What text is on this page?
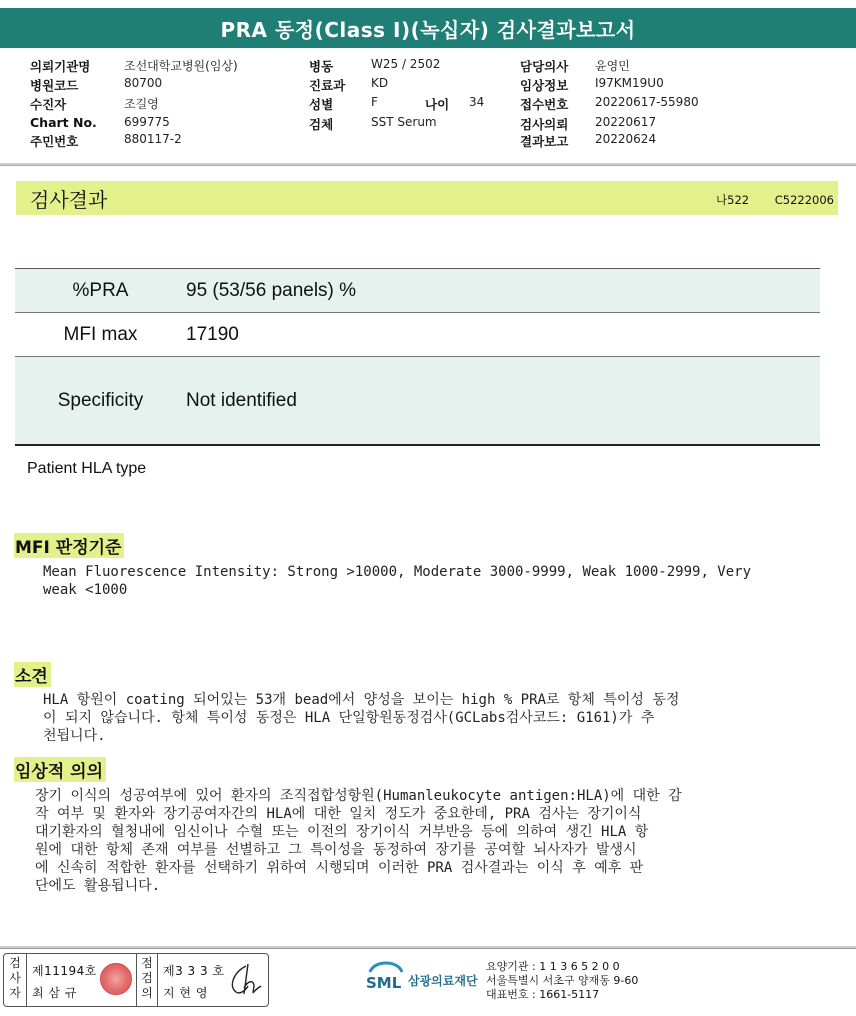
PRA 동정(Class I)(녹십자) 검사결과보고서
의뢰기관명	조선대학교병원(임상)
병원코드	80700
수진자	조길영
Chart No. 699775
주민번호	880117-2
병동	W25 / 2502
진료과 KD
성별	F	나이 34
검체	SST Serum
담당의사 윤영민
임상정보 I97KM19U0
접수번호 20220617-55980
검사의뢰 20220617
결과보고 20220624
검사결과	나522 C5222006
%PRA	95 (53/56 panels) %
MFI max	17190
Specificity	Not identified
Patient HLA type
MFI 판정기준
Mean Fluorescence Intensity: Strong >10000, Moderate 3000-9999, Weak 1000-2999, Very
weak <1000
소견
HLA 항원이 coating 되어있는 53개 bead에서 양성을 보이는 high % PRA로 항체 특이성 동정
이 되지 않습니다. 항체 특이성 동정은 HLA 단일항원동정검사(GCLabs검사코드: G161)가 추
천됩니다.
임상적 의의
장기 이식의 성공여부에 있어 환자의 조직접합성항원(Humanleukocyte antigen:HLA)에 대한 감
작 여부 및 환자와 장기공여자간의 HLA에 대한 일치 정도가 중요한데, PRA 검사는 장기이식
대기환자의 혈청내에 임신이나 수혈 또는 이전의 장기이식 거부반응 등에 의하여 생긴 HLA 항
원에 대한 항체 존재 여부를 선별하고 그 특이성을 동정하여 장기를 공여할 뇌사자가 발생시
에 신속히 적합한 환자를 선택하기 위하여 시행되며 이러한 PRA 검사결과는 이식 후 예후 판
단에도 활용됩니다.
검
사
자
제11194호
최 삼 규
점
검
의
제3 3 3 호
지 현 영
SML 삼광의료재단
요양기관 : 1 1 3 6 5 2 0 0
서울특별시 서초구 양재동 9-60
대표번호 : 1661-5117
